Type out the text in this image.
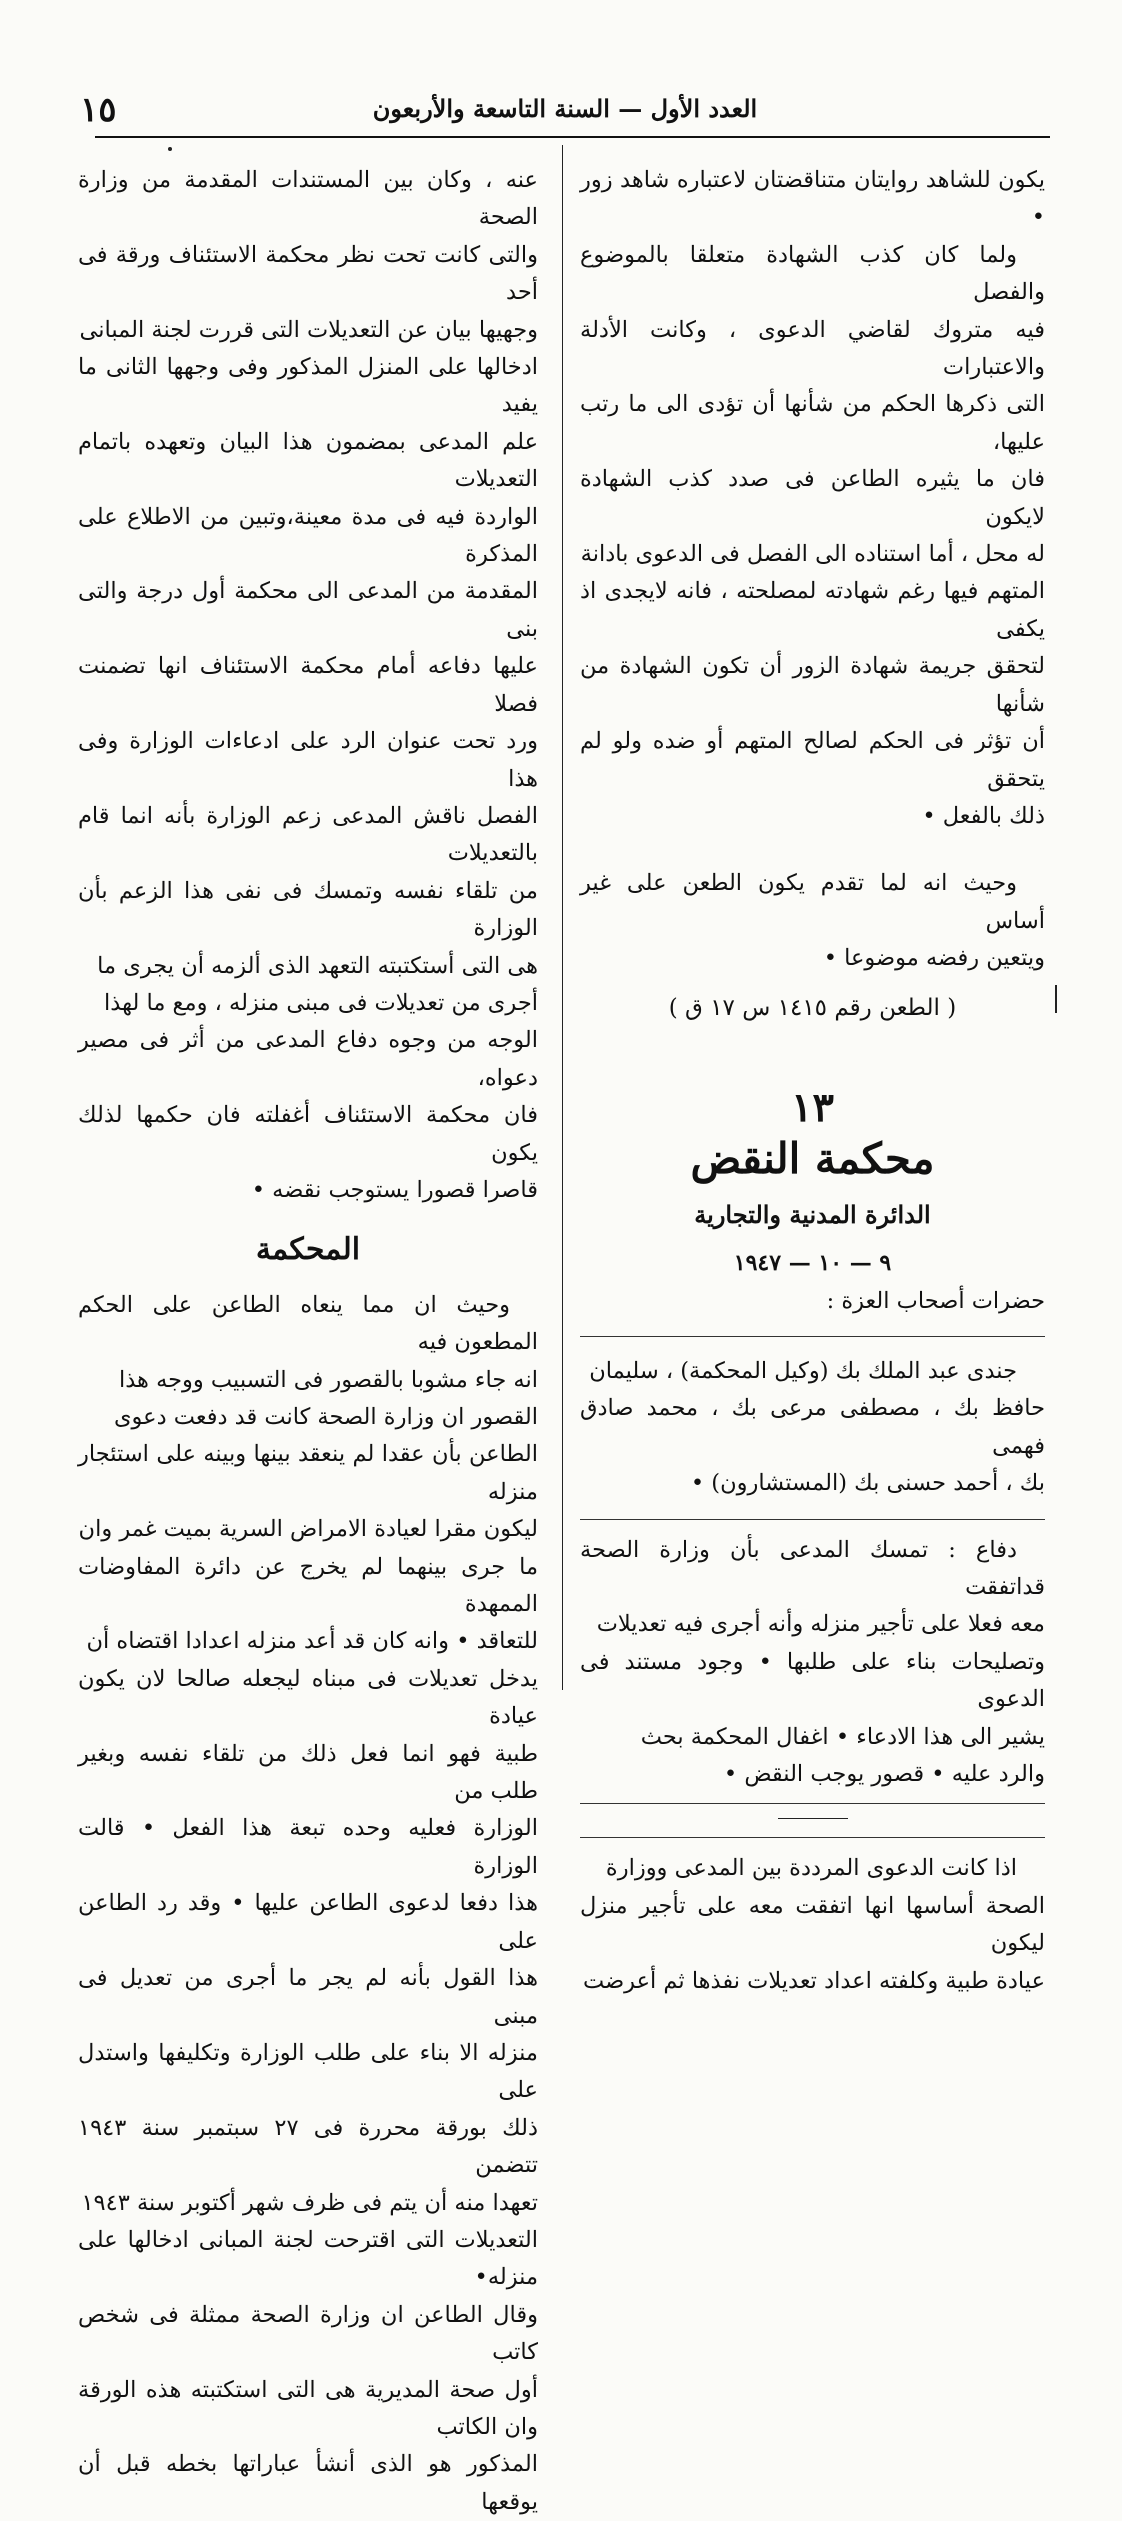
١٥	العدد الأول — السنة التاسعة والأربعون

يكون للشاهد روايتان متناقضتان لاعتباره شاهد زور •

ولما كان كذب الشهادة متعلقا بالموضوع والفصل

فيه متروك لقاضي الدعوى ، وكانت الأدلة والاعتبارات

التى ذكرها الحكم من شأنها أن تؤدى الى ما رتب عليها،

فان ما يثيره الطاعن فى صدد كذب الشهادة لايكون

له محل ، أما استناده الى الفصل فى الدعوى بادانة

المتهم فيها رغم شهادته لمصلحته ، فانه لايجدى اذ يكفى

لتحقق جريمة شهادة الزور أن تكون الشهادة من شأنها

أن تؤثر فى الحكم لصالح المتهم أو ضده ولو لم يتحقق

ذلك بالفعل •

وحيث انه لما تقدم يكون الطعن على غير أساس

ويتعين رفضه موضوعا •

( الطعن رقم ١٤١٥ س ١٧ ق )
١٣
محكمة النقض
الدائرة المدنية والتجارية
٩ — ١٠ — ١٩٤٧

حضرات أصحاب العزة :

جندى عبد الملك بك (وكيل المحكمة) ، سليمان

حافظ بك ، مصطفى مرعى بك ، محمد صادق فهمى

بك ، أحمد حسنى بك (المستشارون) •

دفاع : تمسك المدعى بأن وزارة الصحة قداتفقت

معه فعلا على تأجير منزله وأنه أجرى فيه تعديلات

وتصليحات بناء على طلبها • وجود مستند فى الدعوى

يشير الى هذا الادعاء • اغفال المحكمة بحث

والرد عليه • قصور يوجب النقض •

اذا كانت الدعوى المرددة بين المدعى ووزارة

الصحة أساسها انها اتفقت معه على تأجير منزل ليكون

عيادة طبية وكلفته اعداد تعديلات نفذها ثم أعرضت

عنه ، وكان بين المستندات المقدمة من وزارة الصحة

والتى كانت تحت نظر محكمة الاستئناف ورقة فى أحد

وجهيها بيان عن التعديلات التى قررت لجنة المبانى

ادخالها على المنزل المذكور وفى وجهها الثانى ما يفيد

علم المدعى بمضمون هذا البيان وتعهده باتمام التعديلات

الواردة فيه فى مدة معينة،وتبين من الاطلاع على المذكرة

المقدمة من المدعى الى محكمة أول درجة والتى بنى

عليها دفاعه أمام محكمة الاستئناف انها تضمنت فصلا

ورد تحت عنوان الرد على ادعاءات الوزارة وفى هذا

الفصل ناقش المدعى زعم الوزارة بأنه انما قام بالتعديلات

من تلقاء نفسه وتمسك فى نفى هذا الزعم بأن الوزارة

هى التى أستكتبته التعهد الذى ألزمه أن يجرى ما

أجرى من تعديلات فى مبنى منزله ، ومع ما لهذا

الوجه من وجوه دفاع المدعى من أثر فى مصير دعواه،

فان محكمة الاستئناف أغفلته فان حكمها لذلك يكون

قاصرا قصورا يستوجب نقضه •

المحكمة

وحيث ان مما ينعاه الطاعن على الحكم المطعون فيه

انه جاء مشوبا بالقصور فى التسبيب ووجه هذا

القصور ان وزارة الصحة كانت قد دفعت دعوى

الطاعن بأن عقدا لم ينعقد بينها وبينه على استئجار منزله

ليكون مقرا لعيادة الامراض السرية بميت غمر وان

ما جرى بينهما لم يخرج عن دائرة المفاوضات الممهدة

للتعاقد • وانه كان قد أعد منزله اعدادا اقتضاه أن

يدخل تعديلات فى مبناه ليجعله صالحا لان يكون عيادة

طبية فهو انما فعل ذلك من تلقاء نفسه وبغير طلب من

الوزارة فعليه وحده تبعة هذا الفعل • قالت الوزارة

هذا دفعا لدعوى الطاعن عليها • وقد رد الطاعن على

هذا القول بأنه لم يجر ما أجرى من تعديل فى مبنى

منزله الا بناء على طلب الوزارة وتكليفها واستدل على

ذلك بورقة محررة فى ٢٧ سبتمبر سنة ١٩٤٣ تتضمن

تعهدا منه أن يتم فى ظرف شهر أكتوبر سنة ١٩٤٣

التعديلات التى اقترحت لجنة المبانى ادخالها على منزله•

وقال الطاعن ان وزارة الصحة ممثلة فى شخص كاتب

أول صحة المديرية هى التى استكتبته هذه الورقة وان الكاتب

المذكور هو الذى أنشأ عباراتها بخطه قبل أن يوقعها
